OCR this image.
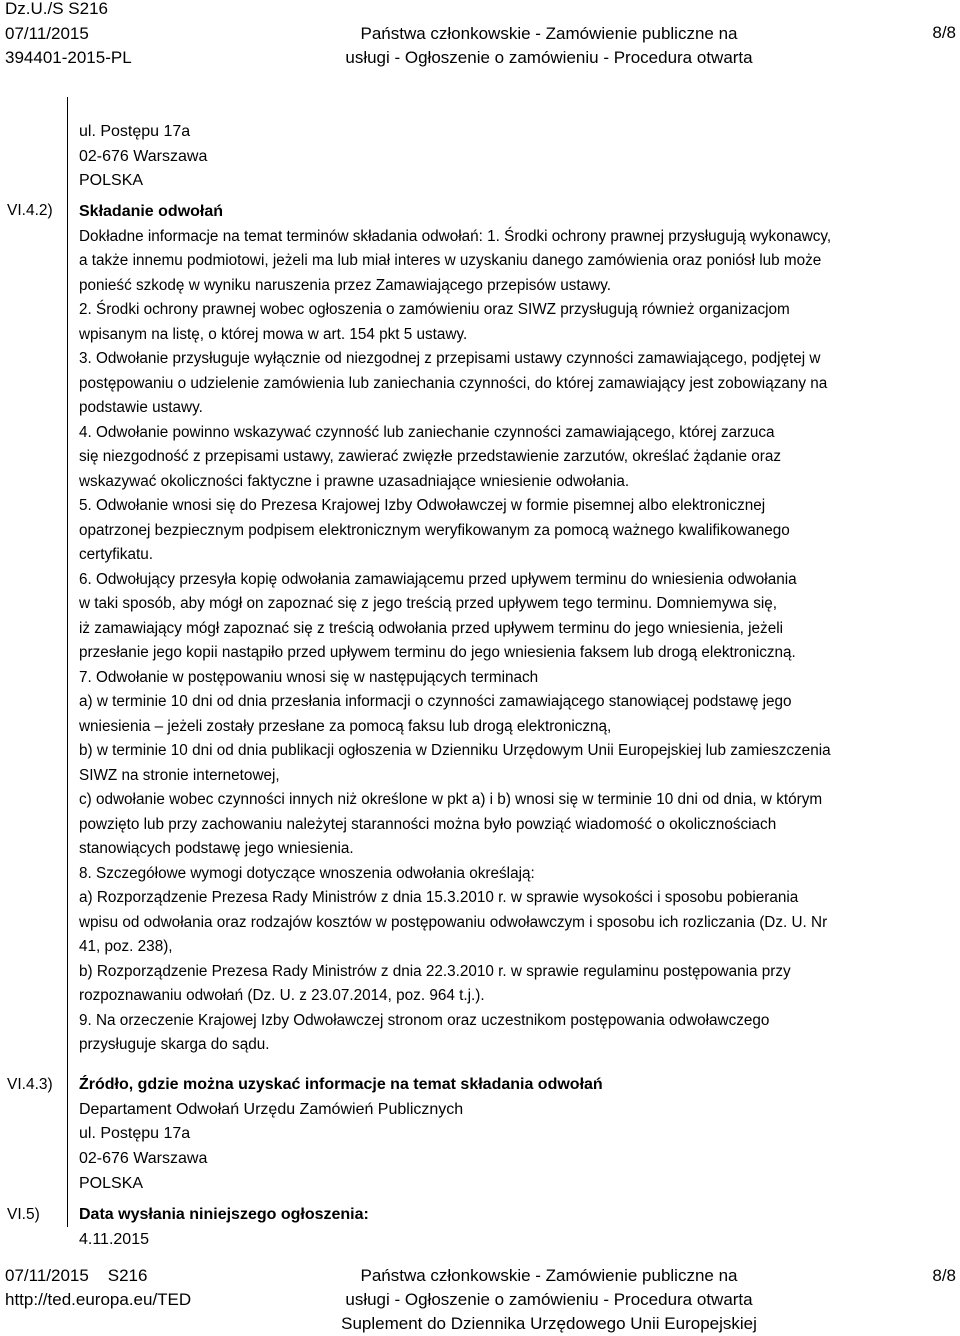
Dz.U./S S216
07/11/2015
394401-2015-PL
Państwa członkowskie - Zamówienie publiczne na
usługi - Ogłoszenie o zamówieniu - Procedura otwarta
8/8
ul. Postępu 17a
02-676 Warszawa
POLSKA
VI.4.2) Składanie odwołań
Dokładne informacje na temat terminów składania odwołań: 1. Środki ochrony prawnej przysługują wykonawcy,
a także innemu podmiotowi, jeżeli ma lub miał interes w uzyskaniu danego zamówienia oraz poniósł lub może
ponieść szkodę w wyniku naruszenia przez Zamawiającego przepisów ustawy.
2. Środki ochrony prawnej wobec ogłoszenia o zamówieniu oraz SIWZ przysługują również organizacjom
wpisanym na listę, o której mowa w art. 154 pkt 5 ustawy.
3. Odwołanie przysługuje wyłącznie od niezgodnej z przepisami ustawy czynności zamawiającego, podjętej w
postępowaniu o udzielenie zamówienia lub zaniechania czynności, do której zamawiający jest zobowiązany na
podstawie ustawy.
4. Odwołanie powinno wskazywać czynność lub zaniechanie czynności zamawiającego, której zarzuca
się niezgodność z przepisami ustawy, zawierać zwięzłe przedstawienie zarzutów, określać żądanie oraz
wskazywać okoliczności faktyczne i prawne uzasadniające wniesienie odwołania.
5. Odwołanie wnosi się do Prezesa Krajowej Izby Odwoławczej w formie pisemnej albo elektronicznej
opatrzonej bezpiecznym podpisem elektronicznym weryfikowanym za pomocą ważnego kwalifikowanego
certyfikatu.
6. Odwołujący przesyła kopię odwołania zamawiającemu przed upływem terminu do wniesienia odwołania
w taki sposób, aby mógł on zapoznać się z jego treścią przed upływem tego terminu. Domniemywa się,
iż zamawiający mógł zapoznać się z treścią odwołania przed upływem terminu do jego wniesienia, jeżeli
przesłanie jego kopii nastąpiło przed upływem terminu do jego wniesienia faksem lub drogą elektroniczną.
7. Odwołanie w postępowaniu wnosi się w następujących terminach
a) w terminie 10 dni od dnia przesłania informacji o czynności zamawiającego stanowiącej podstawę jego
wniesienia – jeżeli zostały przesłane za pomocą faksu lub drogą elektroniczną,
b) w terminie 10 dni od dnia publikacji ogłoszenia w Dzienniku Urzędowym Unii Europejskiej lub zamieszczenia
SIWZ na stronie internetowej,
c) odwołanie wobec czynności innych niż określone w pkt a) i b) wnosi się w terminie 10 dni od dnia, w którym
powzięto lub przy zachowaniu należytej staranności można było powziąć wiadomość o okolicznościach
stanowiących podstawę jego wniesienia.
8. Szczegółowe wymogi dotyczące wnoszenia odwołania określają:
a) Rozporządzenie Prezesa Rady Ministrów z dnia 15.3.2010 r. w sprawie wysokości i sposobu pobierania
wpisu od odwołania oraz rodzajów kosztów w postępowaniu odwoławczym i sposobu ich rozliczania (Dz. U. Nr
41, poz. 238),
b) Rozporządzenie Prezesa Rady Ministrów z dnia 22.3.2010 r. w sprawie regulaminu postępowania przy
rozpoznawaniu odwołań (Dz. U. z 23.07.2014, poz. 964 t.j.).
9. Na orzeczenie Krajowej Izby Odwoławczej stronom oraz uczestnikom postępowania odwoławczego
przysługuje skarga do sądu.
VI.4.3) Źródło, gdzie można uzyskać informacje na temat składania odwołań
Departament Odwołań Urzędu Zamówień Publicznych
ul. Postępu 17a
02-676 Warszawa
POLSKA
VI.5) Data wysłania niniejszego ogłoszenia:
4.11.2015
07/11/2015 S216
http://ted.europa.eu/TED
Państwa członkowskie - Zamówienie publiczne na
usługi - Ogłoszenie o zamówieniu - Procedura otwarta
Suplement do Dziennika Urzędowego Unii Europejskiej
8/8
